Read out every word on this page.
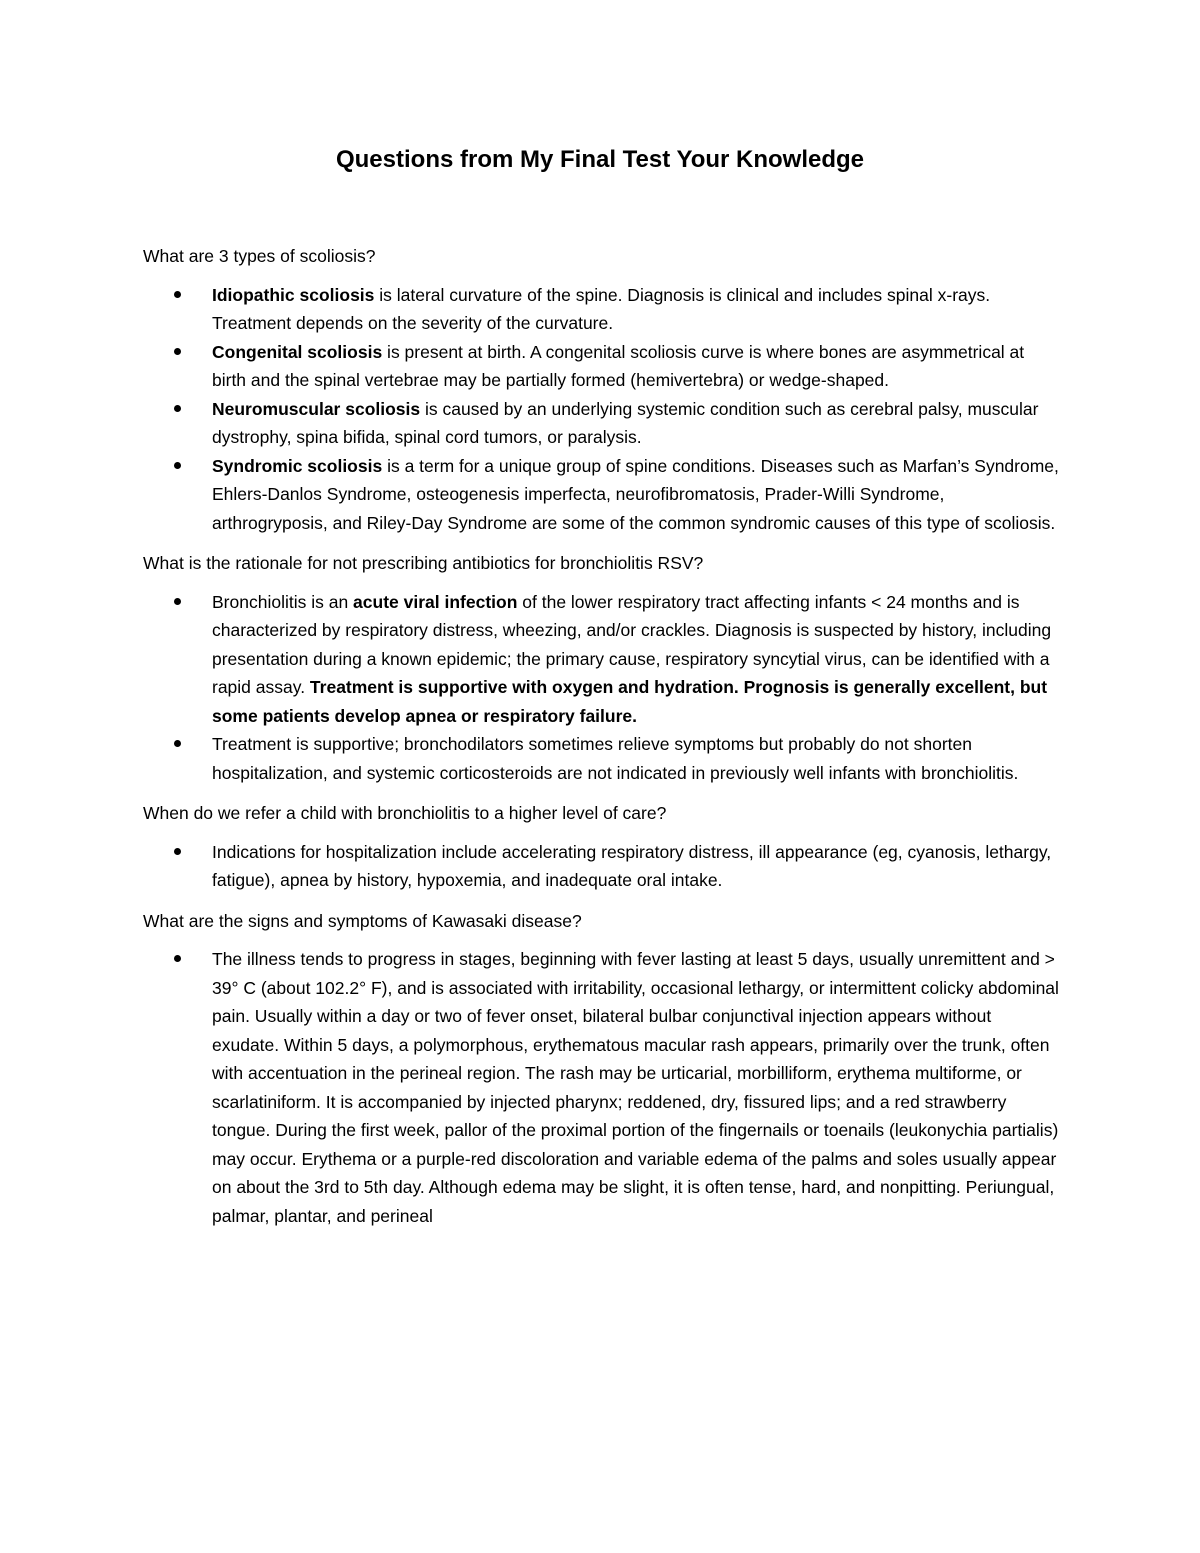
Questions from My Final Test Your Knowledge

What are 3 types of scoliosis?

Idiopathic scoliosis is lateral curvature of the spine. Diagnosis is clinical and includes spinal x-rays. Treatment depends on the severity of the curvature.
Congenital scoliosis is present at birth. A congenital scoliosis curve is where bones are asymmetrical at birth and the spinal vertebrae may be partially formed (hemivertebra) or wedge-shaped.
Neuromuscular scoliosis is caused by an underlying systemic condition such as cerebral palsy, muscular dystrophy, spina bifida, spinal cord tumors, or paralysis.
Syndromic scoliosis is a term for a unique group of spine conditions. Diseases such as Marfan’s Syndrome, Ehlers-Danlos Syndrome, osteogenesis imperfecta, neurofibromatosis, Prader-Willi Syndrome, arthrogryposis, and Riley-Day Syndrome are some of the common syndromic causes of this type of scoliosis.

What is the rationale for not prescribing antibiotics for bronchiolitis RSV?

Bronchiolitis is an acute viral infection of the lower respiratory tract affecting infants < 24 months and is characterized by respiratory distress, wheezing, and/or crackles. Diagnosis is suspected by history, including presentation during a known epidemic; the primary cause, respiratory syncytial virus, can be identified with a rapid assay. Treatment is supportive with oxygen and hydration. Prognosis is generally excellent, but some patients develop apnea or respiratory failure.
Treatment is supportive; bronchodilators sometimes relieve symptoms but probably do not shorten hospitalization, and systemic corticosteroids are not indicated in previously well infants with bronchiolitis.

When do we refer a child with bronchiolitis to a higher level of care?

Indications for hospitalization include accelerating respiratory distress, ill appearance (eg, cyanosis, lethargy, fatigue), apnea by history, hypoxemia, and inadequate oral intake.

What are the signs and symptoms of Kawasaki disease?

The illness tends to progress in stages, beginning with fever lasting at least 5 days, usually unremittent and > 39° C (about 102.2° F), and is associated with irritability, occasional lethargy, or intermittent colicky abdominal pain. Usually within a day or two of fever onset, bilateral bulbar conjunctival injection appears without exudate. Within 5 days, a polymorphous, erythematous macular rash appears, primarily over the trunk, often with accentuation in the perineal region. The rash may be urticarial, morbilliform, erythema multiforme, or scarlatiniform. It is accompanied by injected pharynx; reddened, dry, fissured lips; and a red strawberry tongue. During the first week, pallor of the proximal portion of the fingernails or toenails (leukonychia partialis) may occur. Erythema or a purple-red discoloration and variable edema of the palms and soles usually appear on about the 3rd to 5th day. Although edema may be slight, it is often tense, hard, and nonpitting. Periungual, palmar, plantar, and perineal
